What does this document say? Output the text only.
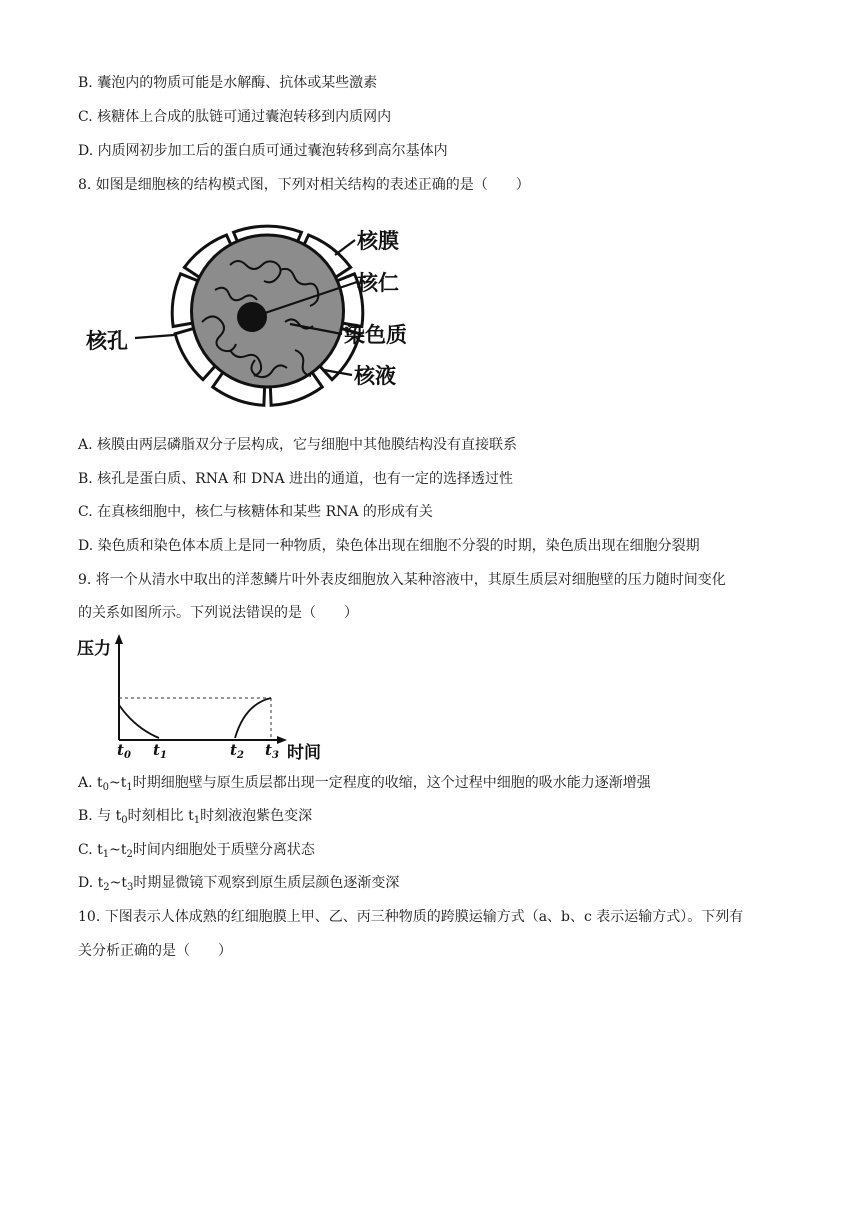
B. 囊泡内的物质可能是水解酶、抗体或某些激素
C. 核糖体上合成的肽链可通过囊泡转移到内质网内
D. 内质网初步加工后的蛋白质可通过囊泡转移到高尔基体内
8. 如图是细胞核的结构模式图，下列对相关结构的表述正确的是（　　）
核膜
核仁
核孔	染色质
核液
A. 核膜由两层磷脂双分子层构成，它与细胞中其他膜结构没有直接联系
B. 核孔是蛋白质、RNA 和 DNA 进出的通道，也有一定的选择透过性
C. 在真核细胞中，核仁与核糖体和某些 RNA 的形成有关
D. 染色质和染色体本质上是同一种物质，染色体出现在细胞不分裂的时期，染色质出现在细胞分裂期
9. 将一个从清水中取出的洋葱鳞片叶外表皮细胞放入某种溶液中，其原生质层对细胞壁的压力随时间变化
的关系如图所示。下列说法错误的是（　　）
压力
时间
$t_0$ $t_1$	$t_2$ $t_3$
A. $t_0\sim t_1$时期细胞壁与原生质层都出现一定程度的收缩，这个过程中细胞的吸水能力逐渐增强
B. 与 $t_0$时刻相比 $t_1$时刻液泡紫色变深
C. $t_1\sim t_2$时间内细胞处于质壁分离状态
D. $t_2\sim t_3$时期显微镜下观察到原生质层颜色逐渐变深
10. 下图表示人体成熟的红细胞膜上甲、乙、丙三种物质的跨膜运输方式（a、b、c 表示运输方式）。下列有
关分析正确的是（　　）
